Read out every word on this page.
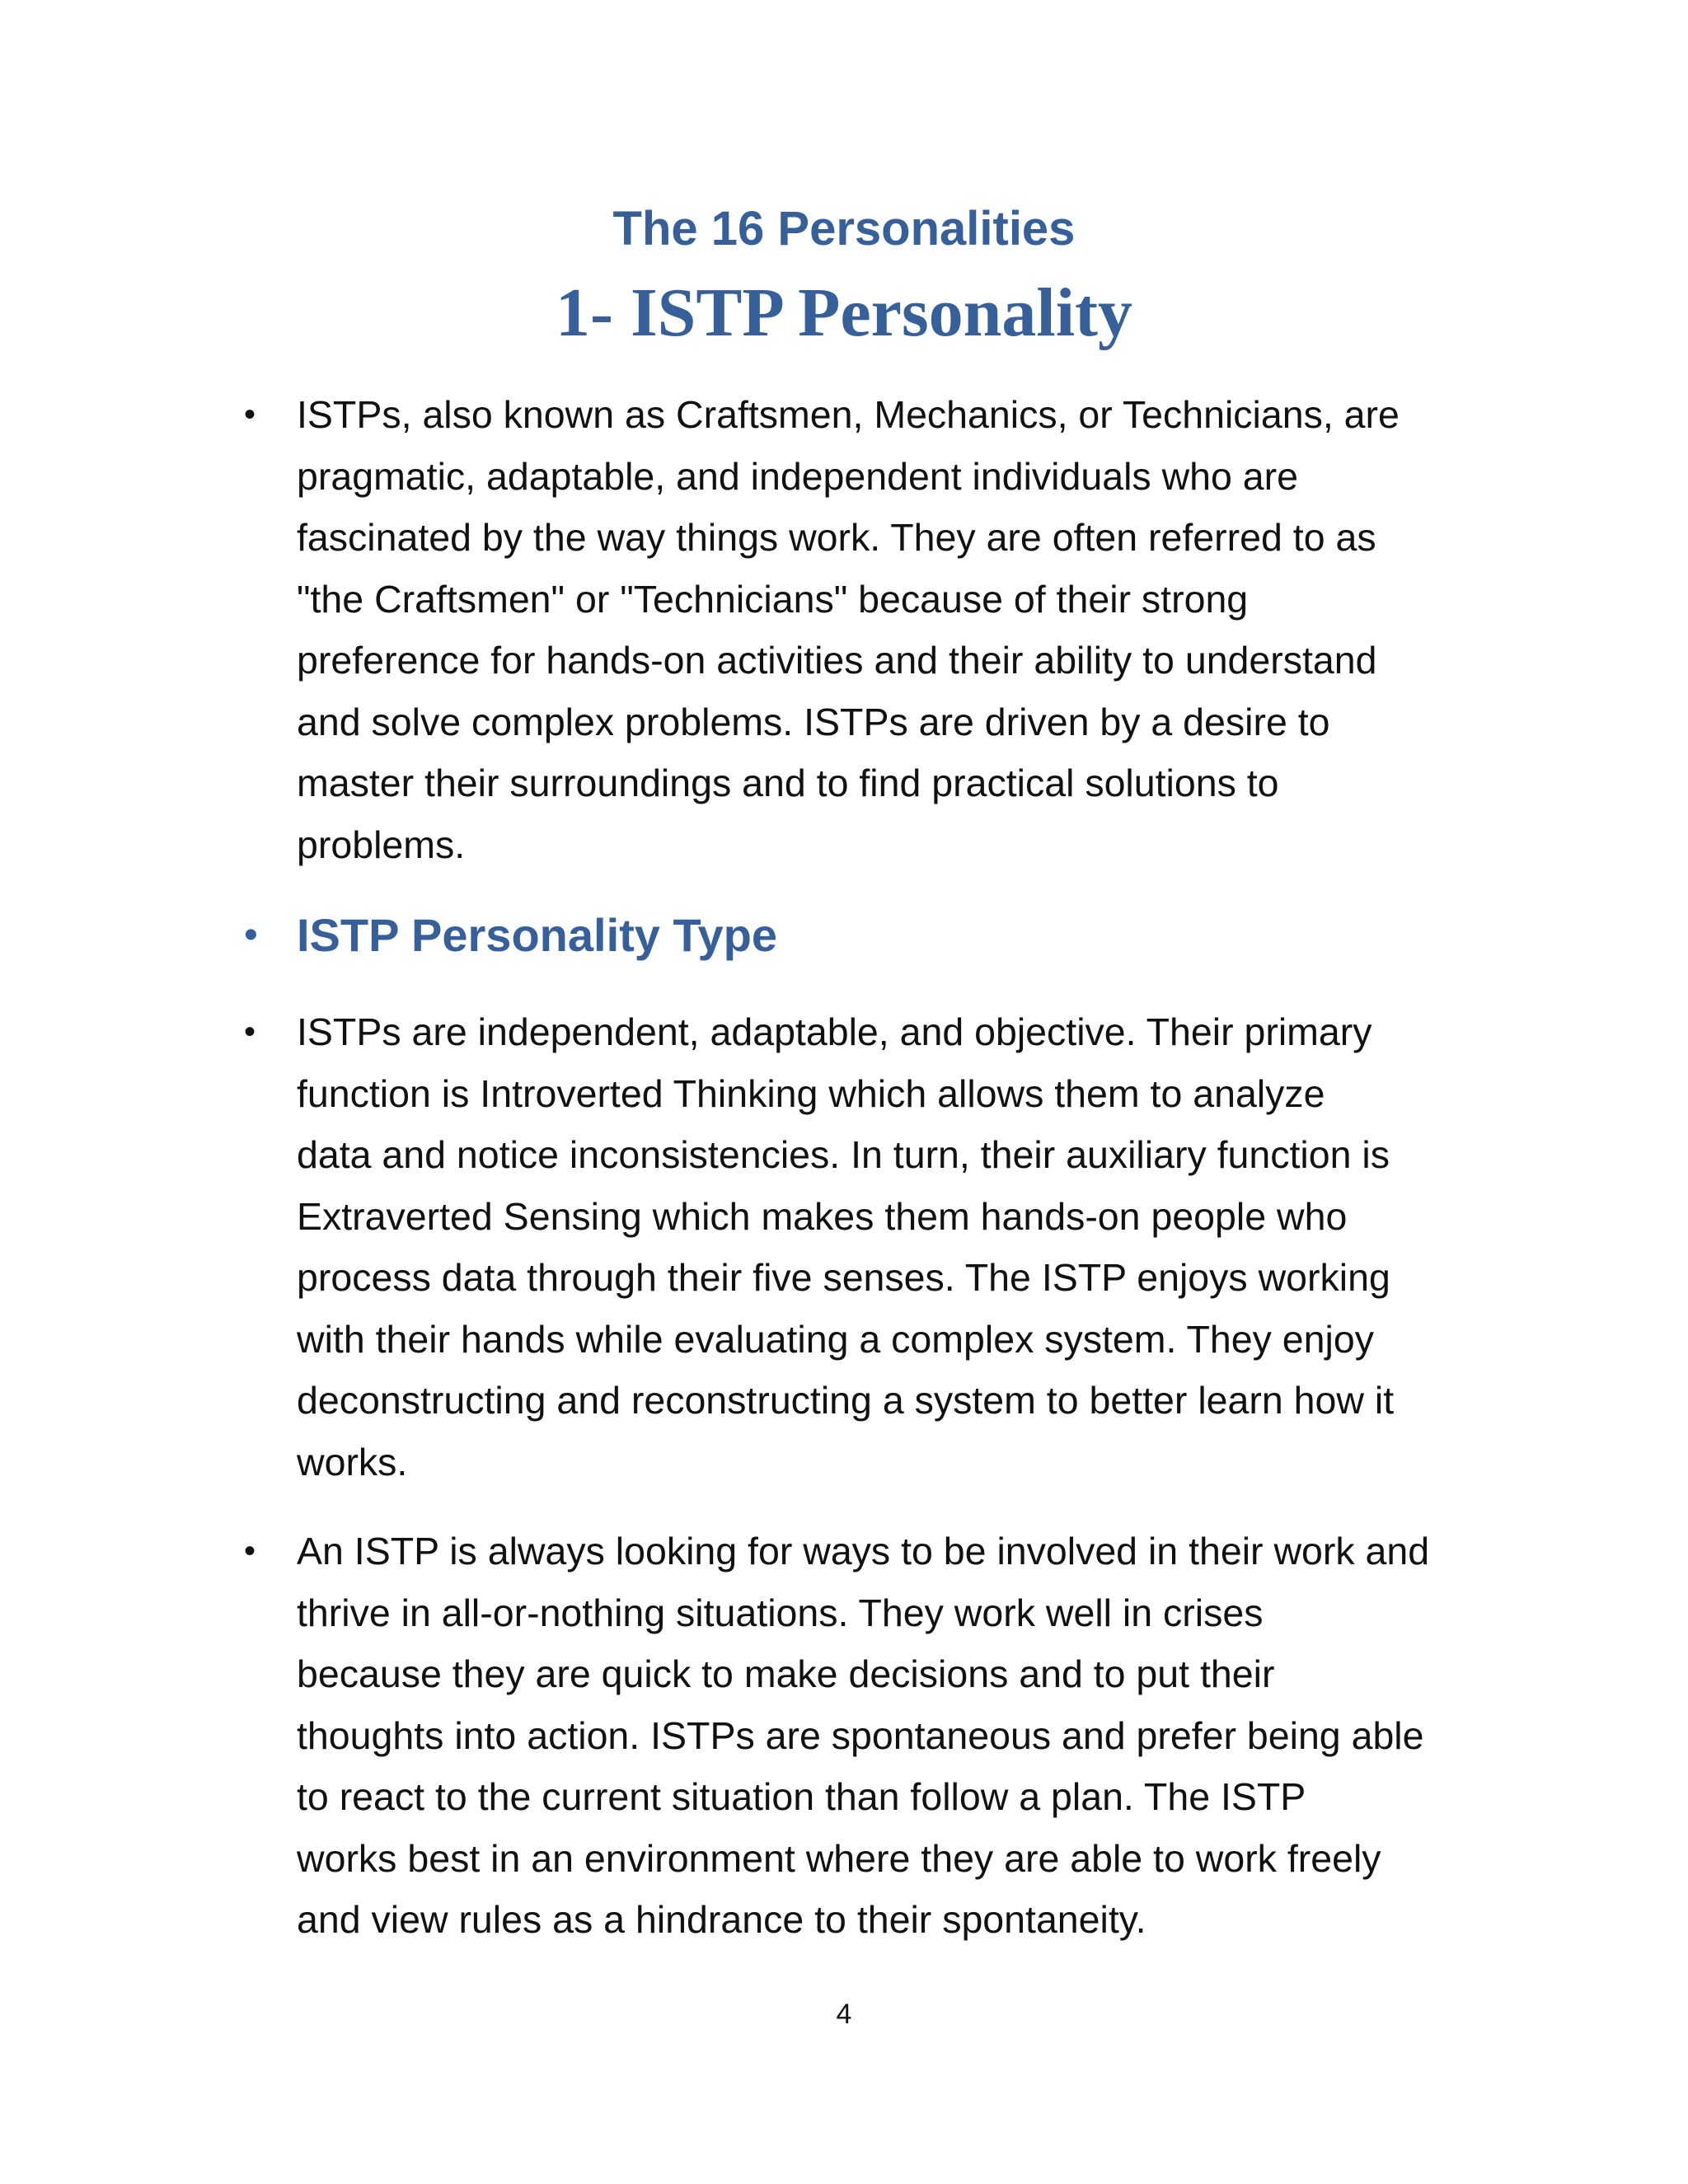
The 16 Personalities
1- ISTP Personality
•	ISTPs, also known as Craftsmen, Mechanics, or Technicians, are
pragmatic, adaptable, and independent individuals who are
fascinated by the way things work. They are often referred to as
"the Craftsmen" or "Technicians" because of their strong
preference for hands-on activities and their ability to understand
and solve complex problems. ISTPs are driven by a desire to
master their surroundings and to find practical solutions to
problems.

• ISTP Personality Type
•	ISTPs are independent, adaptable, and objective. Their primary
function is Introverted Thinking which allows them to analyze
data and notice inconsistencies. In turn, their auxiliary function is
Extraverted Sensing which makes them hands-on people who
process data through their five senses. The ISTP enjoys working
with their hands while evaluating a complex system. They enjoy
deconstructing and reconstructing a system to better learn how it
works.

•	An ISTP is always looking for ways to be involved in their work and
thrive in all-or-nothing situations. They work well in crises
because they are quick to make decisions and to put their
thoughts into action. ISTPs are spontaneous and prefer being able
to react to the current situation than follow a plan. The ISTP
works best in an environment where they are able to work freely
and view rules as a hindrance to their spontaneity.

4
